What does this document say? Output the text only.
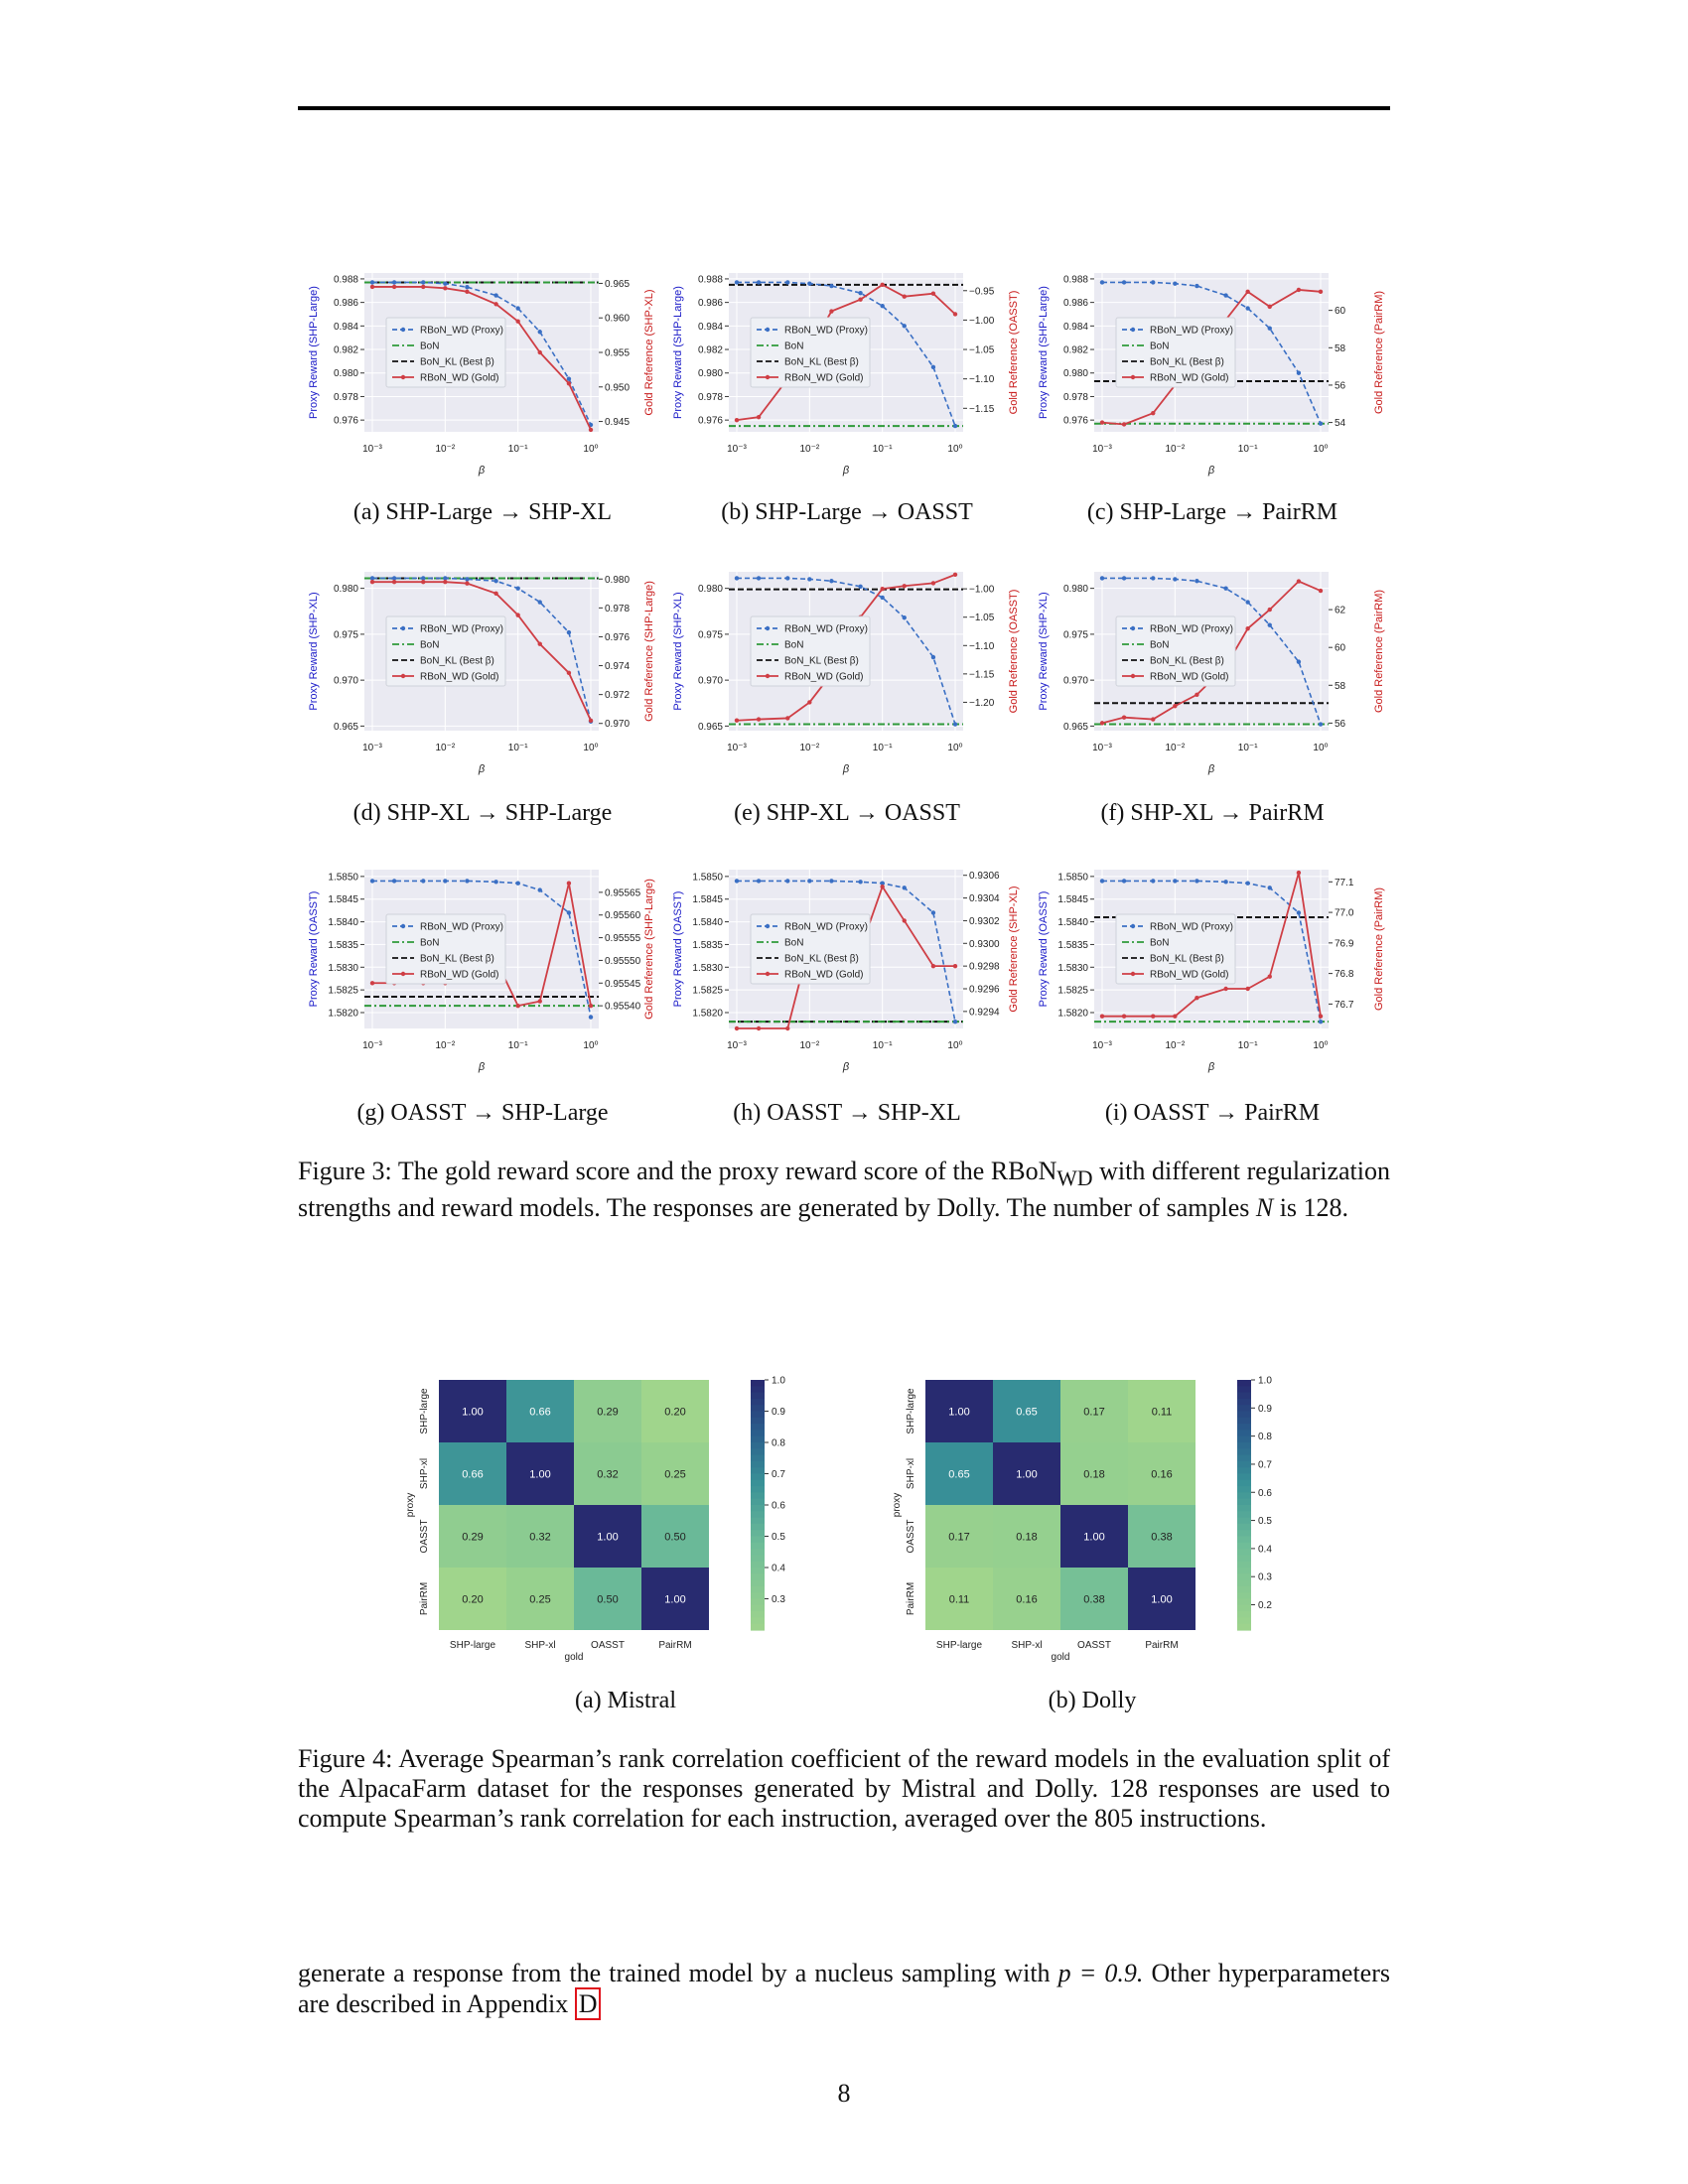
10⁻³	10⁻²	10⁻¹	10⁰
β
0.976
0.978
0.980
0.982
0.984
0.986
0.988
0.945
0.950
0.955
0.960
0.965
Proxy Reward (SHP-Large)	Gold Reference (SHP-XL)
RBoN_WD (Proxy)
BoN
BoN_KL (Best β)
RBoN_WD (Gold)
(a) SHP-Large → SHP-XL
10⁻³	10⁻²	10⁻¹	10⁰
β
0.976
0.978
0.980
0.982
0.984
0.986
0.988
−1.15
−1.10
−1.05
−1.00
−0.95
Proxy Reward (SHP-Large)	Gold Reference (OASST)
RBoN_WD (Proxy)
BoN
BoN_KL (Best β)
RBoN_WD (Gold)
(b) SHP-Large → OASST
10⁻³	10⁻²	10⁻¹	10⁰
β
0.976
0.978
0.980
0.982
0.984
0.986
0.988
54
56
58
60
Proxy Reward (SHP-Large)	Gold Reference (PairRM)
RBoN_WD (Proxy)
BoN
BoN_KL (Best β)
RBoN_WD (Gold)
(c) SHP-Large → PairRM
10⁻³	10⁻²	10⁻¹	10⁰
β
0.965
0.970
0.975
0.980
0.970
0.972
0.974
0.976
0.978
0.980
Proxy Reward (SHP-XL)	Gold Reference (SHP-Large)
RBoN_WD (Proxy)
BoN
BoN_KL (Best β)
RBoN_WD (Gold)
(d) SHP-XL → SHP-Large
10⁻³	10⁻²	10⁻¹	10⁰
β
0.965
0.970
0.975
0.980
−1.20
−1.15
−1.10
−1.05
−1.00
Proxy Reward (SHP-XL)	Gold Reference (OASST)
RBoN_WD (Proxy)
BoN
BoN_KL (Best β)
RBoN_WD (Gold)
(e) SHP-XL → OASST
10⁻³	10⁻²	10⁻¹	10⁰
β
0.965
0.970
0.975
0.980
56
58
60
62
Proxy Reward (SHP-XL)	Gold Reference (PairRM)
RBoN_WD (Proxy)
BoN
BoN_KL (Best β)
RBoN_WD (Gold)
(f) SHP-XL → PairRM
10⁻³	10⁻²	10⁻¹	10⁰
β
1.5820
1.5825
1.5830
1.5835
1.5840
1.5845
1.5850
0.95540
0.95545
0.95550
0.95555
0.95560
0.95565
Proxy Reward (OASST)	Gold Reference (SHP-Large)
RBoN_WD (Proxy)
BoN
BoN_KL (Best β)
RBoN_WD (Gold)
(g) OASST → SHP-Large
10⁻³	10⁻²	10⁻¹	10⁰
β
1.5820
1.5825
1.5830
1.5835
1.5840
1.5845
1.5850
0.9294
0.9296
0.9298
0.9300
0.9302
0.9304
0.9306
Proxy Reward (OASST)	Gold Reference (SHP-XL)
RBoN_WD (Proxy)
BoN
BoN_KL (Best β)
RBoN_WD (Gold)
(h) OASST → SHP-XL
10⁻³	10⁻²	10⁻¹	10⁰
β
1.5820
1.5825
1.5830
1.5835
1.5840
1.5845
1.5850
76.7
76.8
76.9
77.0
77.1
Proxy Reward (OASST)	Gold Reference (PairRM)
RBoN_WD (Proxy)
BoN
BoN_KL (Best β)
RBoN_WD (Gold)
(i) OASST → PairRM
Figure 3: The gold reward score and the proxy reward score of the RBoN$_{WD}$ with different regularization strengths and reward models. The responses are generated by Dolly. The number of samples N is 128.
1.00	0.66	0.29	0.20
0.66	1.00	0.32	0.25
0.29	0.32	1.00	0.50
0.20	0.25	0.50	1.00
SHP-large	SHP-xl	OASST	PairRM
gold
SHP-large
SHP-xl
OASST
PairRM
proxy
0.3
0.4
0.5
0.6
0.7
0.8
0.9
1.0
(a) Mistral
1.00	0.65	0.17	0.11
0.65	1.00	0.18	0.16
0.17	0.18	1.00	0.38
0.11	0.16	0.38	1.00
SHP-large	SHP-xl	OASST	PairRM
gold
SHP-large
SHP-xl
OASST
PairRM
proxy
0.2
0.3
0.4
0.5
0.6
0.7
0.8
0.9
1.0
(b) Dolly
Figure 4: Average Spearman’s rank correlation coefficient of the reward models in the evaluation split of the AlpacaFarm dataset for the responses generated by Mistral and Dolly. 128 responses are used to compute Spearman’s rank correlation for each instruction, averaged over the 805 instructions.
generate a response from the trained model by a nucleus sampling with p = 0.9. Other hyperparameters are described in Appendix D
8
